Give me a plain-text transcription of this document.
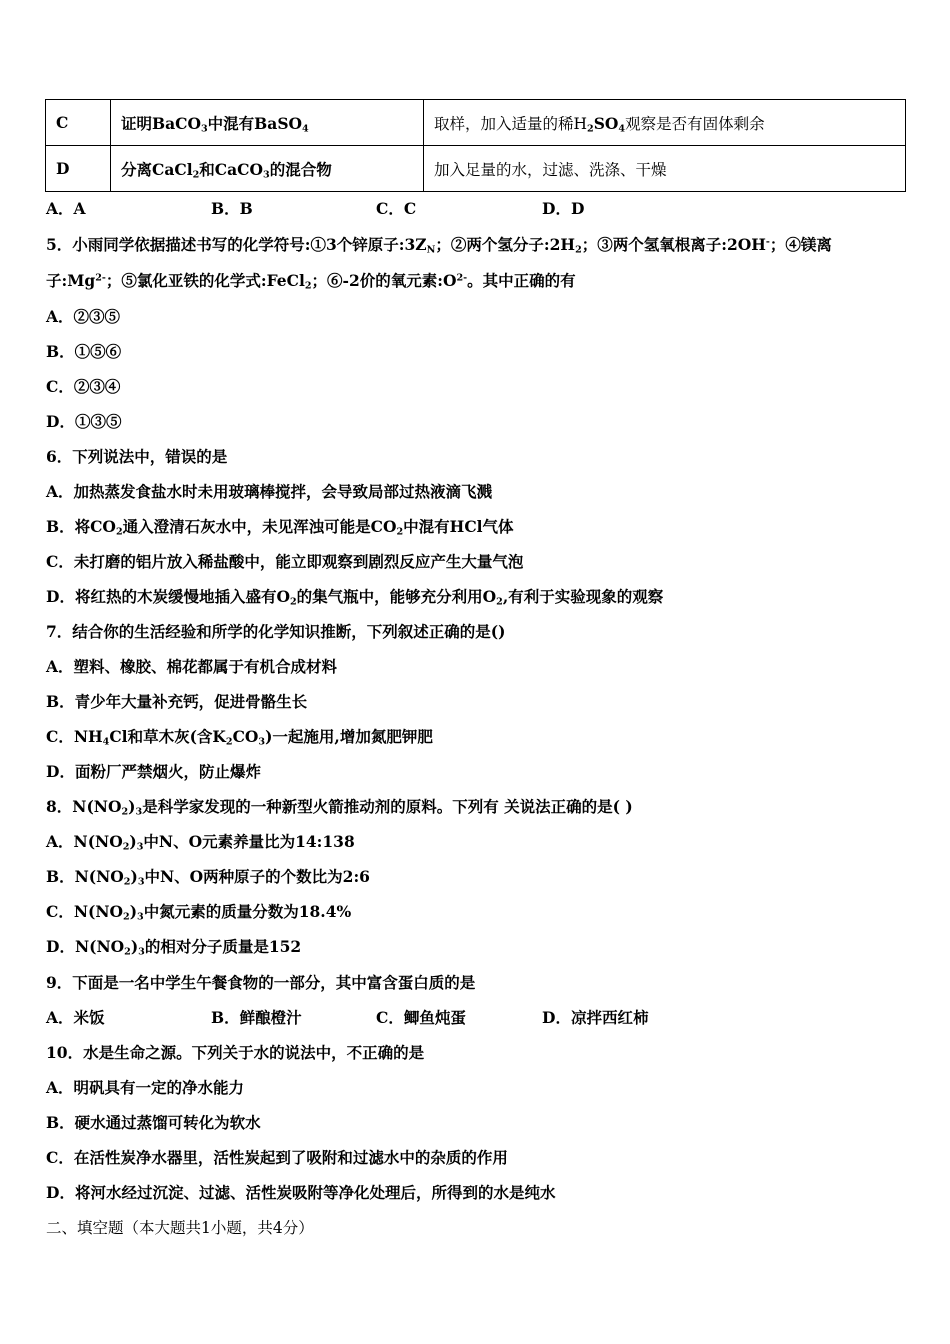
C	证明BaCO$_3$中混有BaSO$_4$	取样，加入适量的稀$H_2SO_4$观察是否有固体剩余
D	分离CaCl$_2$和CaCO$_3$的混合物	加入足量的水，过滤、洗涤、干燥
A．A	B．B	C．C	D．D
5．小雨同学依据描述书写的化学符号:①3个锌原子$:3Z_N$；②两个氢分子$:2H_2$；③两个氢氧根离子:2OH-；④镁离
子$:Mg^{2-}$；⑤氯化亚铁的化学式:FeCl$_2$；⑥-2价的氧元素$:O^{2-}$。其中正确的有
A．②③⑤
B．①⑤⑥
C．②③④
D．①③⑤
6．下列说法中，错误的是
A．加热蒸发食盐水时未用玻璃棒搅拌，会导致局部过热液滴飞溅
B．将$CO_2$通入澄清石灰水中，未见浑浊可能是$CO_2$中混有HCl气体
C．未打磨的铝片放入稀盐酸中，能立即观察到剧烈反应产生大量气泡
D．将红热的木炭缓慢地插入盛有$O_2$的集气瓶中，能够充分利用$O_2$,有利于实验现象的观察
7．结合你的生活经验和所学的化学知识推断，下列叙述正确的是()
A．塑料、橡胶、棉花都属于有机合成材料
B．青少年大量补充钙，促进骨骼生长
C．$NH_4Cl$和草木灰(含$K_2CO_3$)一起施用,增加氮肥钾肥
D．面粉厂严禁烟火，防止爆炸
8．$N(NO_2)_3$是科学家发现的一种新型火箭推动剂的原料。下列有 关说法正确的是( )
A．$N(NO_2)_3$中N、O元素养量比为14:138
B．$N(NO_2)_3$中N、O两种原子的个数比为2:6
C．$N(NO_2)_3$中氮元素的质量分数为18.4%
D．$N(NO_2)_3$的相对分子质量是152
9．下面是一名中学生午餐食物的一部分，其中富含蛋白质的是
A．米饭	B．鲜酿橙汁	C．鲫鱼炖蛋	D．凉拌西红柿
10．水是生命之源。下列关于水的说法中，不正确的是
A．明矾具有一定的净水能力
B．硬水通过蒸馏可转化为软水
C．在活性炭净水器里，活性炭起到了吸附和过滤水中的杂质的作用
D．将河水经过沉淀、过滤、活性炭吸附等净化处理后，所得到的水是纯水
二、填空题（本大题共1小题，共4分）
